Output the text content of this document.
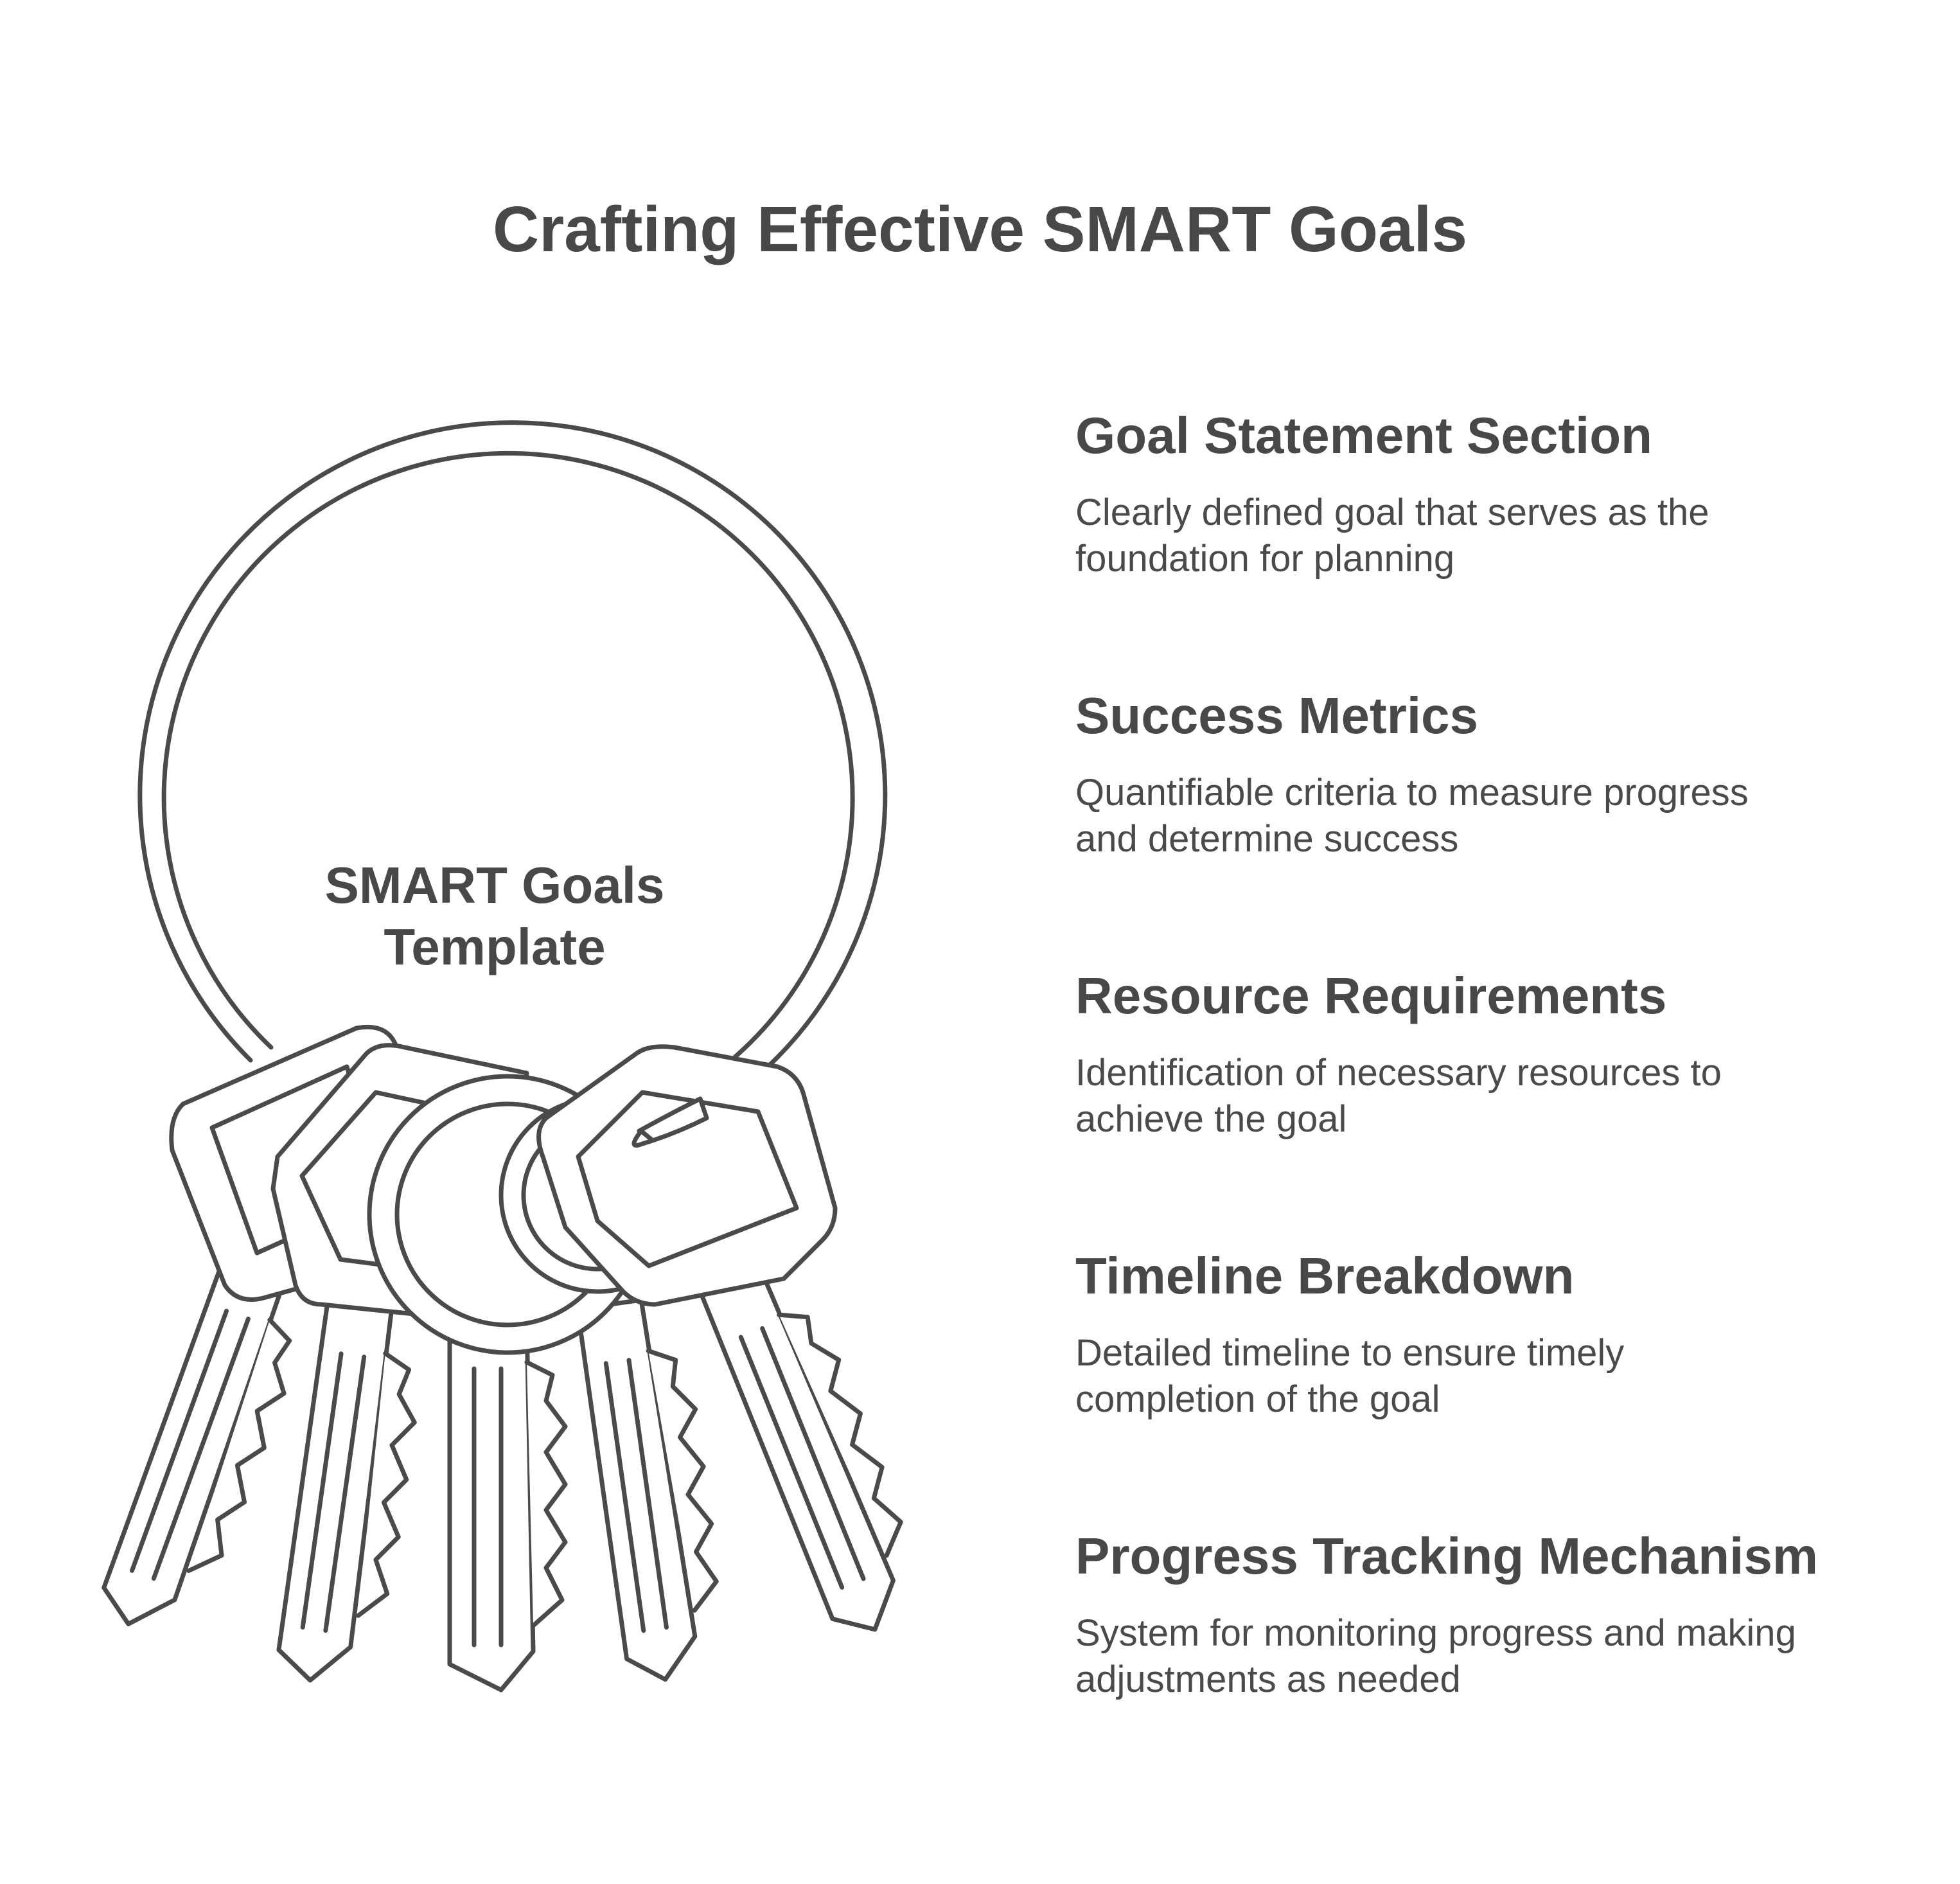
Crafting Effective SMART Goals
SMART Goals
Template
Goal Statement Section

Clearly defined goal that serves as the
foundation for planning

Success Metrics

Quantifiable criteria to measure progress
and determine success

Resource Requirements

Identification of necessary resources to
achieve the goal

Timeline Breakdown

Detailed timeline to ensure timely
completion of the goal

Progress Tracking Mechanism

System for monitoring progress and making
adjustments as needed
